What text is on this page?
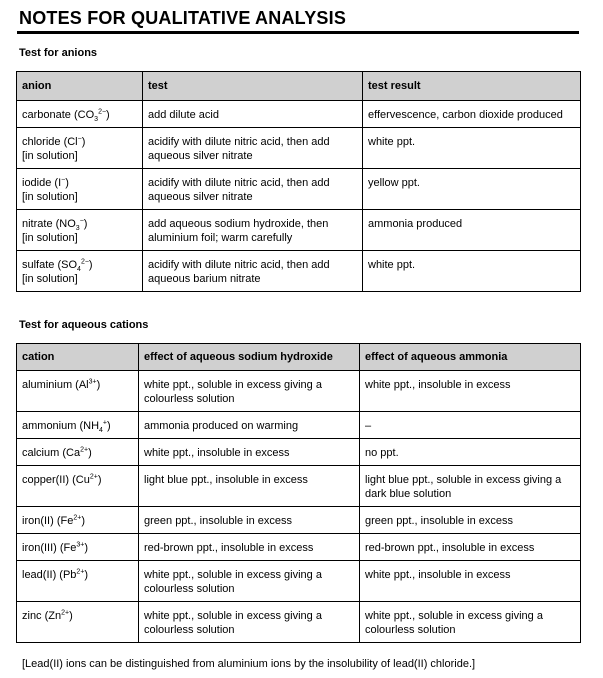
NOTES FOR QUALITATIVE ANALYSIS
Test for anions
anion	test	test result

carbonate $(CO_3^{2-})$	add dilute acid	effervescence, carbon dioxide produced

chloride (Cl−)
[in solution]	acidify with dilute nitric acid, then add
aqueous silver nitrate	white ppt.

iodide (I−)
[in solution]	acidify with dilute nitric acid, then add
aqueous silver nitrate	yellow ppt.

nitrate $(NO_3^-)$
[in solution]	add aqueous sodium hydroxide, then
aluminium foil; warm carefully	ammonia produced

sulfate $(SO_4^{2-})$
[in solution]	acidify with dilute nitric acid, then add
aqueous barium nitrate	white ppt.
Test for aqueous cations
cation	effect of aqueous sodium hydroxide	effect of aqueous ammonia

aluminium $(Al^{3+})$	white ppt., soluble in excess giving a
colourless solution	white ppt., insoluble in excess

ammonium $(NH_4^+)$	ammonia produced on warming	–

calcium $(Ca^{2+})$	white ppt., insoluble in excess	no ppt.

copper(II) $(Cu^{2+})$	light blue ppt., insoluble in excess	light blue ppt., soluble in excess giving a
dark blue solution

iron(II) $(Fe^{2+})$	green ppt., insoluble in excess	green ppt., insoluble in excess

iron(III) $(Fe^{3+})$	red-brown ppt., insoluble in excess	red-brown ppt., insoluble in excess

lead(II) $(Pb^{2+})$	white ppt., soluble in excess giving a
colourless solution	white ppt., insoluble in excess

zinc $(Zn^{2+})$	white ppt., soluble in excess giving a
colourless solution	white ppt., soluble in excess giving a
colourless solution
[Lead(II) ions can be distinguished from aluminium ions by the insolubility of lead(II) chloride.]
